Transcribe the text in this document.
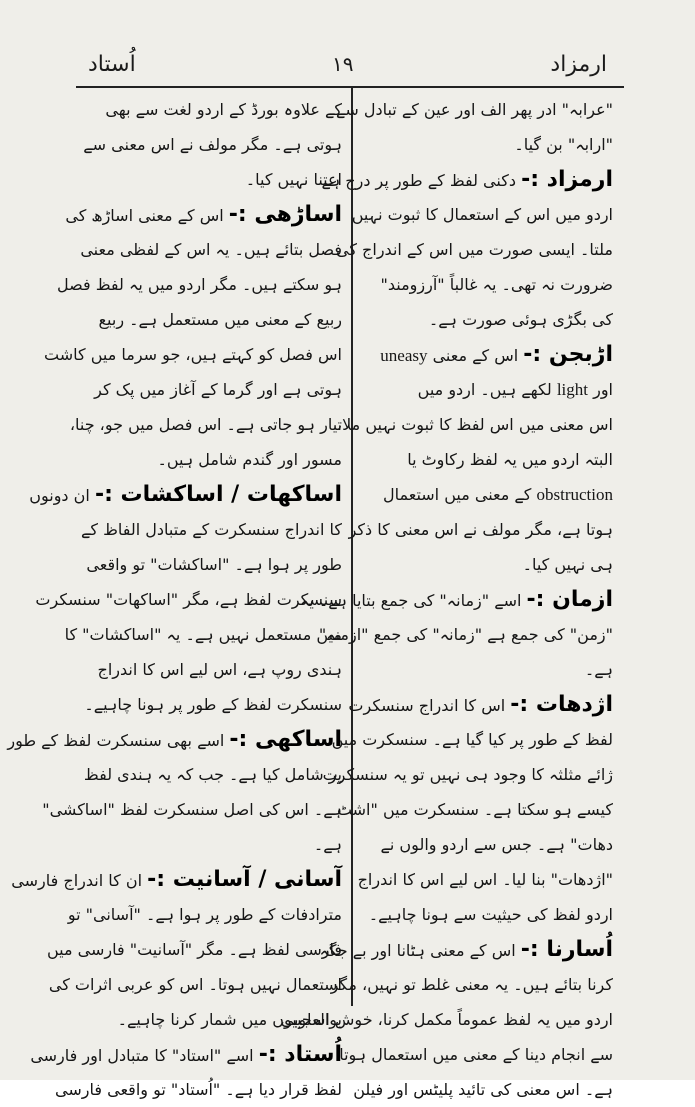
اُستاد	۱۹	ارمزاد
"عرابہ" ادر پھر الف اور عین کے تبادل سے
"ارابہ" بن گیا۔
ارمزاد :- دکنی لفظ کے طور پر درج ہے
اردو میں اس کے استعمال کا ثبوت نہیں
ملتا۔ ایسی صورت میں اس کے اندراج کی
ضرورت نہ تھی۔ یہ غالباً "آرزومند"
کی بگڑی ہوئی صورت ہے۔
اڑبجن :- اس کے معنی uneasy
اور light لکھے ہیں۔ اردو میں
اس معنی میں اس لفظ کا ثبوت نہیں ملا،
البتہ اردو میں یہ لفظ رکاوٹ یا
obstruction کے معنی میں استعمال
ہوتا ہے، مگر مولف نے اس معنی کا ذکر
ہی نہیں کیا۔
ازمان :- اسے "زمانہ" کی جمع بتایا ہے۔ یہ
"زمن" کی جمع ہے "زمانہ" کی جمع "ازمنہ"
ہے۔
اژدھات :- اس کا اندراج سنسکرت
لفظ کے طور پر کیا گیا ہے۔ سنسکرت میں
ژائے مثلثہ کا وجود ہی نہیں تو یہ سنسکرت
کیسے ہو سکتا ہے۔ سنسکرت میں "اشٹ
دھات" ہے۔ جس سے اردو والوں نے
"اژدھات" بنا لیا۔ اس لیے اس کا اندراج
اردو لفظ کی حیثیت سے ہونا چاہیے۔
اُسارنا :- اس کے معنی ہٹانا اور بے جگہ
کرنا بتائے ہیں۔ یہ معنی غلط تو نہیں، مگر
اردو میں یہ لفظ عموماً مکمل کرنا، خوش اسلوبی
سے انجام دینا کے معنی میں استعمال ہوتا
ہے۔ اس معنی کی تائید پلیٹس اور فیلن
کے علاوہ بورڈ کے اردو لغت سے بھی
ہوتی ہے۔ مگر مولف نے اس معنی سے
اعتنا نہیں کیا۔
اساڑھی :- اس کے معنی اساڑھ کی
فصل بتائے ہیں۔ یہ اس کے لفظی معنی
ہو سکتے ہیں۔ مگر اردو میں یہ لفظ فصل
ربیع کے معنی میں مستعمل ہے۔ ربیع
اس فصل کو کہتے ہیں، جو سرما میں کاشت
ہوتی ہے اور گرما کے آغاز میں پک کر
تیار ہو جاتی ہے۔ اس فصل میں جو، چنا،
مسور اور گندم شامل ہیں۔
اساکھات / اساکشات :- ان دونوں
کا اندراج سنسکرت کے متبادل الفاظ کے
طور پر ہوا ہے۔ "اساکشات" تو واقعی
سنسکرت لفظ ہے، مگر "اساکھات" سنسکرت
میں مستعمل نہیں ہے۔ یہ "اساکشات" کا
ہندی روپ ہے، اس لیے اس کا اندراج
سنسکرت لفظ کے طور پر ہونا چاہیے۔
اساکھی :- اسے بھی سنسکرت لفظ کے طور
پر شامل کیا ہے۔ جب کہ یہ ہندی لفظ
ہے۔ اس کی اصل سنسکرت لفظ "اساکشی"
ہے۔
آسانی / آسانیت :- ان کا اندراج فارسی
مترادفات کے طور پر ہوا ہے۔ "آسانی" تو
فارسی لفظ ہے۔ مگر "آسانیت" فارسی میں
استعمال نہیں ہوتا۔ اس کو عربی اثرات کی
بوالعجبیوں میں شمار کرنا چاہیے۔
اُستاد :- اسے "استاد" کا متبادل اور فارسی
لفظ قرار دیا ہے۔ "اُستاد" تو واقعی فارسی
